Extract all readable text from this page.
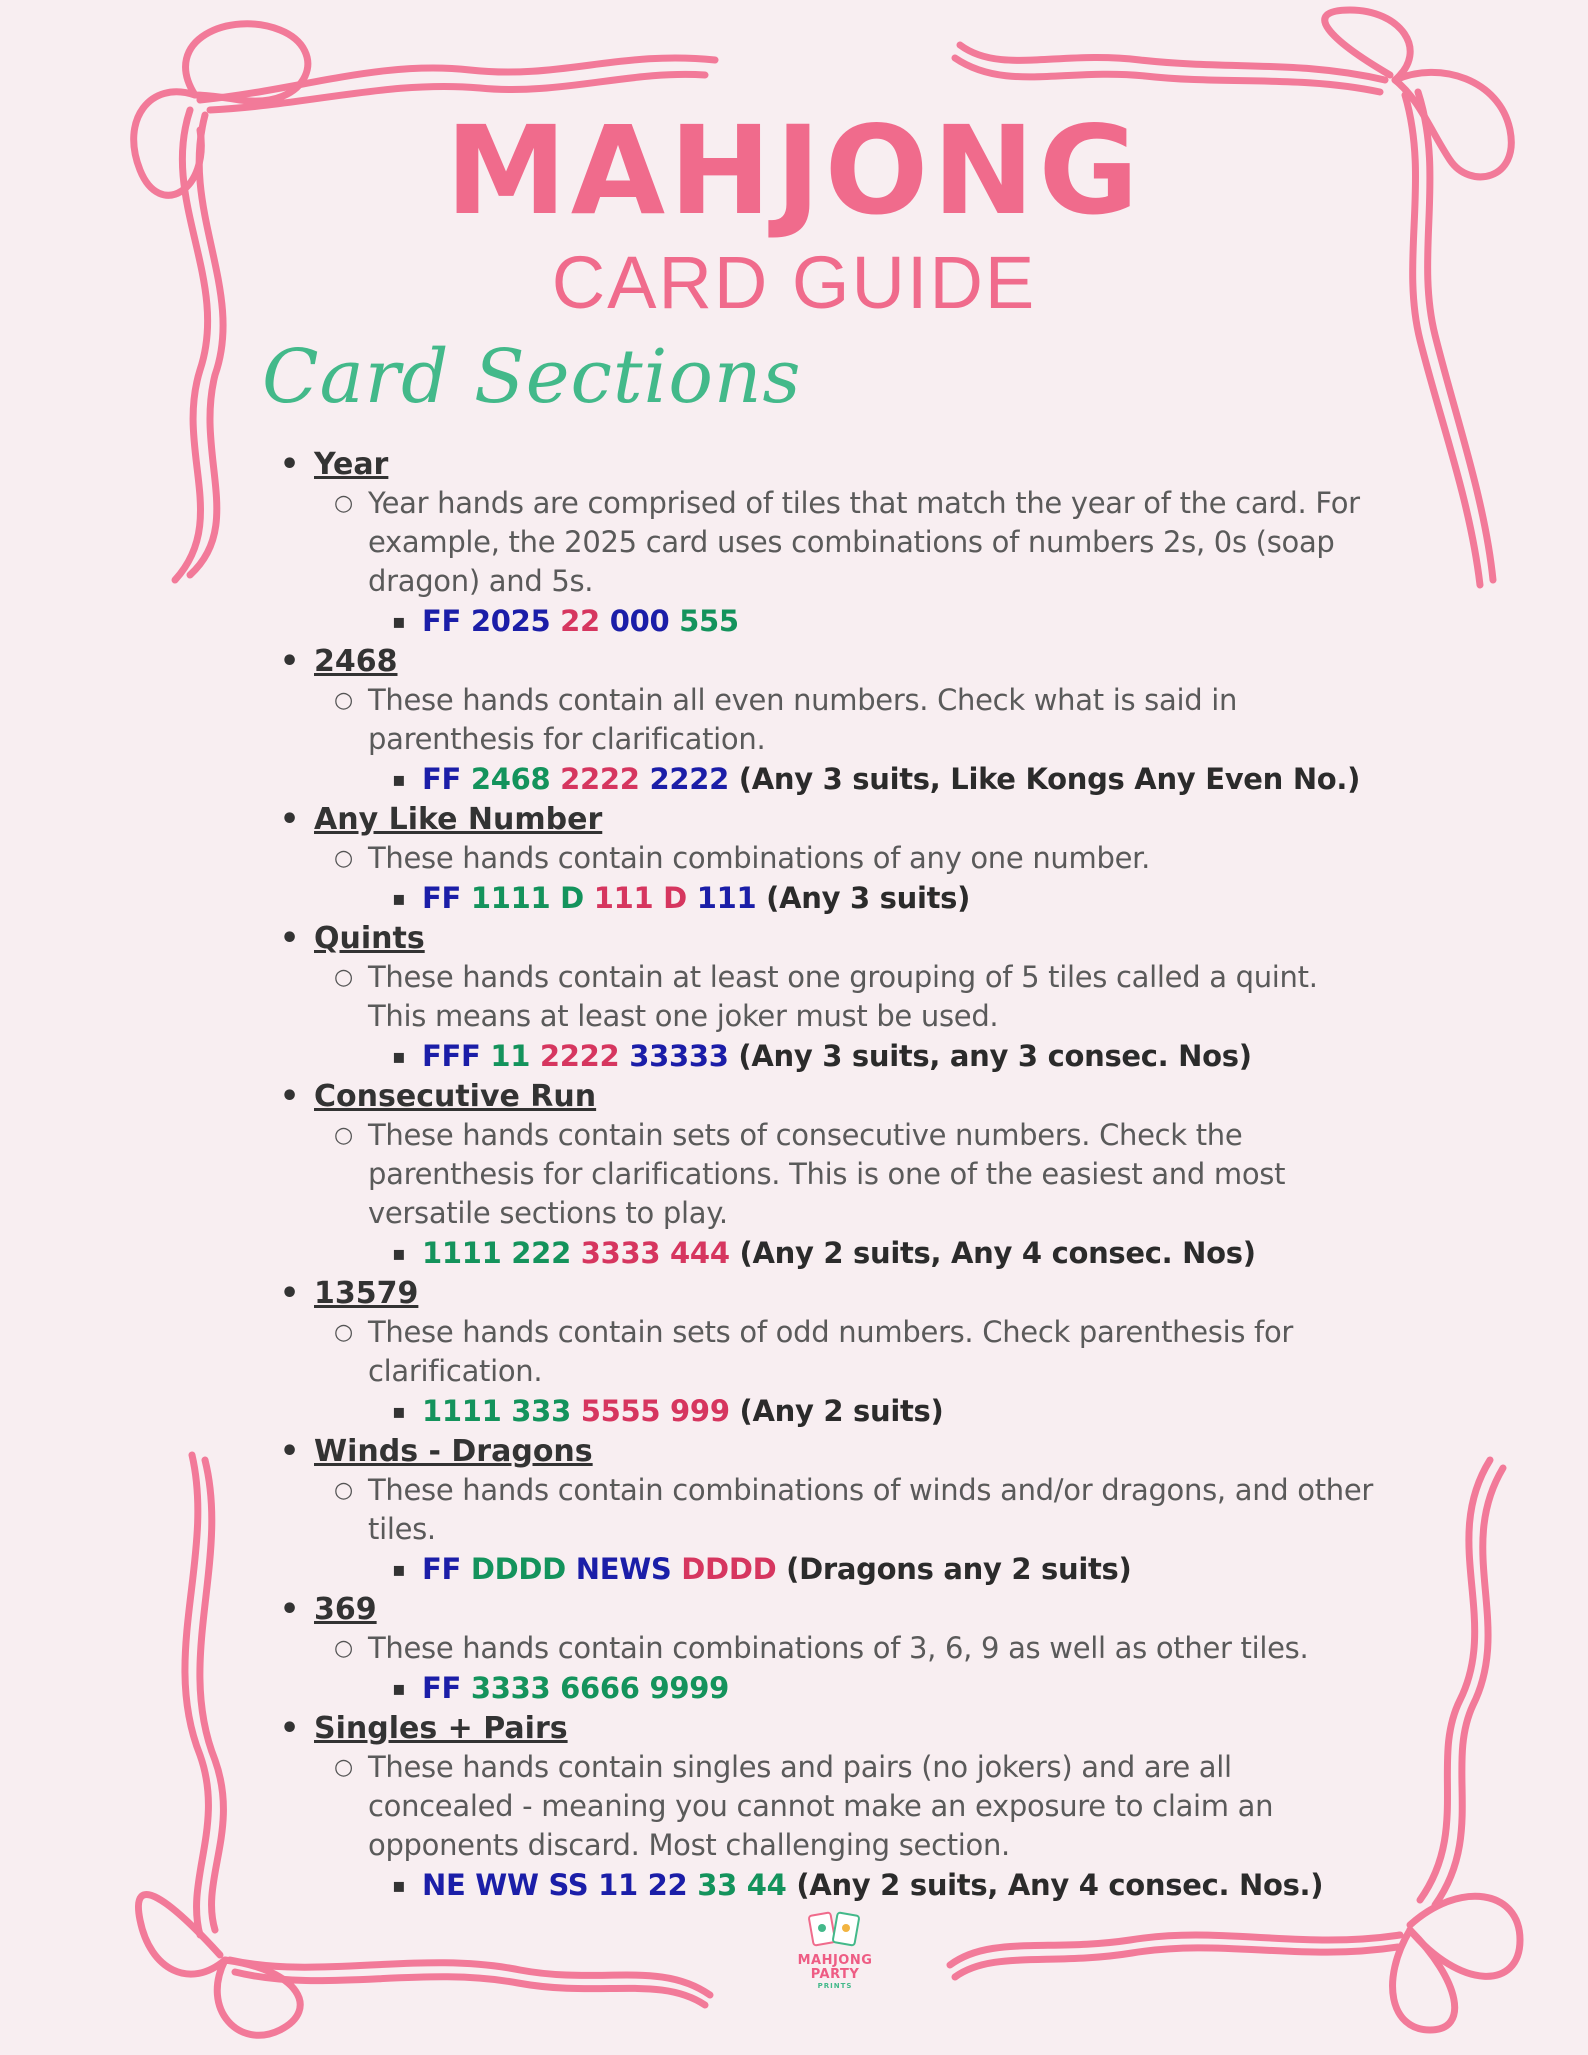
MAHJONG
CARD GUIDE
Card Sections
• Year
○ Year hands are comprised of tiles that match the year of the card. For example, the 2025 card uses combinations of numbers 2s, 0s (soap dragon) and 5s.
▪ FF 2025 22 000 555
• 2468
○ These hands contain all even numbers. Check what is said in parenthesis for clarification.
▪ FF 2468 2222 2222 (Any 3 suits, Like Kongs Any Even No.)
• Any Like Number
○ These hands contain combinations of any one number.
▪ FF 1111 D 111 D 111 (Any 3 suits)
• Quints
○ These hands contain at least one grouping of 5 tiles called a quint. This means at least one joker must be used.
▪ FFF 11 2222 33333 (Any 3 suits, any 3 consec. Nos)
• Consecutive Run
○ These hands contain sets of consecutive numbers. Check the parenthesis for clarifications. This is one of the easiest and most versatile sections to play.
▪ 1111 222 3333 444 (Any 2 suits, Any 4 consec. Nos)
• 13579
○ These hands contain sets of odd numbers. Check parenthesis for clarification.
▪ 1111 333 5555 999 (Any 2 suits)
• Winds - Dragons
○ These hands contain combinations of winds and/or dragons, and other tiles.
▪ FF DDDD NEWS DDDD (Dragons any 2 suits)
• 369
○ These hands contain combinations of 3, 6, 9 as well as other tiles.
▪ FF 3333 6666 9999
• Singles + Pairs
○ These hands contain singles and pairs (no jokers) and are all concealed - meaning you cannot make an exposure to claim an opponents discard. Most challenging section.
▪ NE WW SS 11 22 33 44 (Any 2 suits, Any 4 consec. Nos.)
MAHJONG
PARTY
PRINTS
